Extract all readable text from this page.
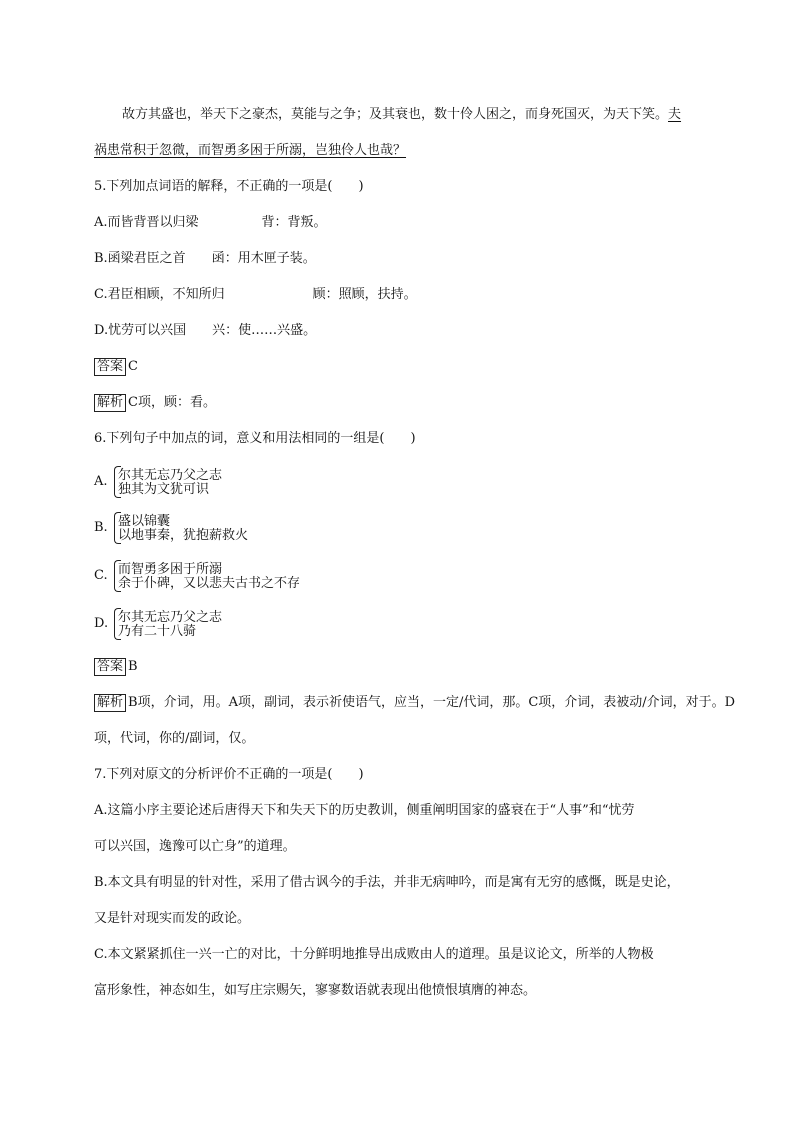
故方其盛也，举天下之豪杰，莫能与之争；及其衰也，数十伶人困之，而身死国灭，为天下笑。夫
祸患常积于忽微，而智勇多困于所溺，岂独伶人也哉？
5.下列加点词语的解释，不正确的一项是(　　)
A.而皆背晋以归梁	背：背叛。
B.函梁君臣之首 函：用木匣子装。
C.君臣相顾，不知所归	顾：照顾，扶持。
D.忧劳可以兴国 兴：使……兴盛。
答案 C
解析 C项，顾：看。
6.下列句子中加点的词，意义和用法相同的一组是(　　)
A. 尔其无忘乃父之志
独其为文犹可识
B. 盛以锦囊
以地事秦，犹抱薪救火
C. 而智勇多困于所溺
余于仆碑，又以悲夫古书之不存
D. 尔其无忘乃父之志
乃有二十八骑
答案 B
解析 B项，介词，用。A项，副词，表示祈使语气，应当，一定/代词，那。C项，介词，表被动/介词，对于。D
项，代词，你的/副词，仅。
7.下列对原文的分析评价不正确的一项是(　　)
A.这篇小序主要论述后唐得天下和失天下的历史教训，侧重阐明国家的盛衰在于“人事”和“忧劳
可以兴国，逸豫可以亡身”的道理。
B.本文具有明显的针对性，采用了借古讽今的手法，并非无病呻吟，而是寓有无穷的感慨，既是史论，
又是针对现实而发的政论。
C.本文紧紧抓住一兴一亡的对比，十分鲜明地推导出成败由人的道理。虽是议论文，所举的人物极
富形象性，神态如生，如写庄宗赐矢，寥寥数语就表现出他愤恨填膺的神态。
